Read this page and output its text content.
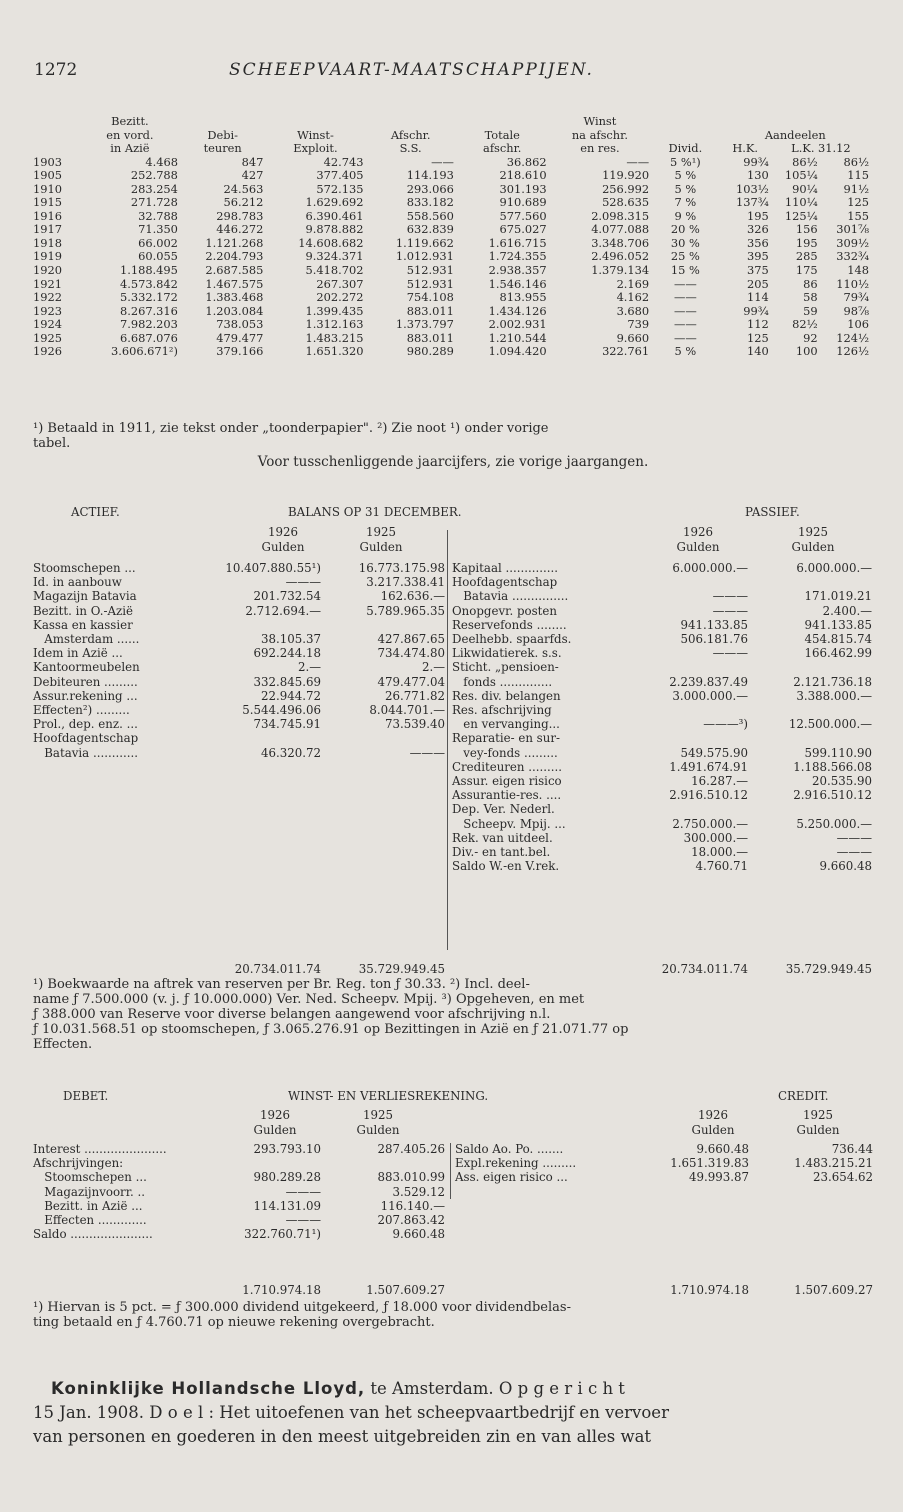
1272	SCHEEPVAART-MAATSCHAPPIJEN.
	Bezitt.					Winst				
	en vord.	Debi-	Winst-	Afschr.	Totale	na afschr.		Aandeelen		
	in Azië	teuren	Exploit.	S.S.	afschr.	en res.	Divid.	H.K.	L.K. 31.12	
1903	4.468	847	42.743	——	36.862	——	5 %¹)	99¾	86½	86½
1905	252.788	427	377.405	114.193	218.610	119.920	5 %	130	105¼	115
1910	283.254	24.563	572.135	293.066	301.193	256.992	5 %	103½	90¼	91½
1915	271.728	56.212	1.629.692	833.182	910.689	528.635	7 %	137¾	110¼	125
1916	32.788	298.783	6.390.461	558.560	577.560	2.098.315	9 %	195	125¼	155
1917	71.350	446.272	9.878.882	632.839	675.027	4.077.088	20 %	326	156	301⅞
1918	66.002	1.121.268	14.608.682	1.119.662	1.616.715	3.348.706	30 %	356	195	309½
1919	60.055	2.204.793	9.324.371	1.012.931	1.724.355	2.496.052	25 %	395	285	332¾
1920	1.188.495	2.687.585	5.418.702	512.931	2.938.357	1.379.134	15 %	375	175	148
1921	4.573.842	1.467.575	267.307	512.931	1.546.146	2.169	——	205	86	110½
1922	5.332.172	1.383.468	202.272	754.108	813.955	4.162	——	114	58	79¾
1923	8.267.316	1.203.084	1.399.435	883.011	1.434.126	3.680	——	99¾	59	98⅞
1924	7.982.203	738.053	1.312.163	1.373.797	2.002.931	739	——	112	82½	106
1925	6.687.076	479.477	1.483.215	883.011	1.210.544	9.660	——	125	92	124½
1926	3.606.671²)	379.166	1.651.320	980.289	1.094.420	322.761	5 %	140	100	126½
¹) Betaald in 1911, zie tekst onder „toonderpapier". ²) Zie noot ¹) onder vorige
tabel.
Voor tusschenliggende jaarcijfers, zie vorige jaargangen.
ACTIEF.	BALANS OP 31 DECEMBER.	PASSIEF.
1926	1925
Gulden	Gulden
1926	1925
Gulden	Gulden
Stoomschepen ...	10.407.880.55¹)	16.773.175.98
Id. in aanbouw	———	3.217.338.41
Magazijn Batavia	201.732.54	162.636.—
Bezitt. in O.-Azië	2.712.694.—	5.789.965.35
Kassa en kassier		
Amsterdam ......	38.105.37	427.867.65
Idem in Azië ...	692.244.18	734.474.80
Kantoormeubelen	2.—	2.—
Debiteuren .........	332.845.69	479.477.04
Assur.rekening ...	22.944.72	26.771.82
Effecten²) .........	5.544.496.06	8.044.701.—
Prol., dep. enz. ...	734.745.91	73.539.40
Hoofdagentschap		
Batavia ............	46.320.72	———
Kapitaal ..............	6.000.000.—	6.000.000.—
Hoofdagentschap		
Batavia ...............	———	171.019.21
Onopgevr. posten	———	2.400.—
Reservefonds ........	941.133.85	941.133.85
Deelhebb. spaarfds.	506.181.76	454.815.74
Likwidatierek. s.s.	———	166.462.99
Sticht. „pensioen-		
fonds ..............	2.239.837.49	2.121.736.18
Res. div. belangen	3.000.000.—	3.388.000.—
Res. afschrijving		
en vervanging...	———³)	12.500.000.—
Reparatie- en sur-		
vey-fonds .........	549.575.90	599.110.90
Crediteuren .........	1.491.674.91	1.188.566.08
Assur. eigen risico	16.287.—	20.535.90
Assurantie-res. ....	2.916.510.12	2.916.510.12
Dep. Ver. Nederl.		
Scheepv. Mpij. ...	2.750.000.—	5.250.000.—
Rek. van uitdeel.	300.000.—	———
Div.- en tant.bel.	18.000.—	———
Saldo W.-en V.rek.	4.760.71	9.660.48
20.734.011.74	35.729.949.45	20.734.011.74	35.729.949.45
¹) Boekwaarde na aftrek van reserven per Br. Reg. ton ƒ 30.33. ²) Incl. deel-
name ƒ 7.500.000 (v. j. ƒ 10.000.000) Ver. Ned. Scheepv. Mpij. ³) Opgeheven, en met
ƒ 388.000 van Reserve voor diverse belangen aangewend voor afschrijving n.l.
ƒ 10.031.568.51 op stoomschepen, ƒ 3.065.276.91 op Bezittingen in Azië en ƒ 21.071.77 op
Effecten.
DEBET.	WINST- EN VERLIESREKENING.	CREDIT.
1926	1925
Gulden	Gulden
1926	1925
Gulden	Gulden
Interest ......................	293.793.10	287.405.26
Afschrijvingen:		
Stoomschepen ...	980.289.28	883.010.99
Magazijnvoorr. ..	———	3.529.12
Bezitt. in Azië ...	114.131.09	116.140.—
Effecten .............	———	207.863.42
Saldo ......................	322.760.71¹)	9.660.48
Saldo Ao. Po. .......	9.660.48	736.44
Expl.rekening .........	1.651.319.83	1.483.215.21
Ass. eigen risico ...	49.993.87	23.654.62
1.710.974.18	1.507.609.27	1.710.974.18	1.507.609.27
¹) Hiervan is 5 pct. = ƒ 300.000 dividend uitgekeerd, ƒ 18.000 voor dividendbelas-
ting betaald en ƒ 4.760.71 op nieuwe rekening overgebracht.
Koninklijke Hollandsche Lloyd, te Amsterdam. O p g e r i c h t
15 Jan. 1908. D o e l : Het uitoefenen van het scheepvaartbedrijf en vervoer
van personen en goederen in den meest uitgebreiden zin en van alles wat
